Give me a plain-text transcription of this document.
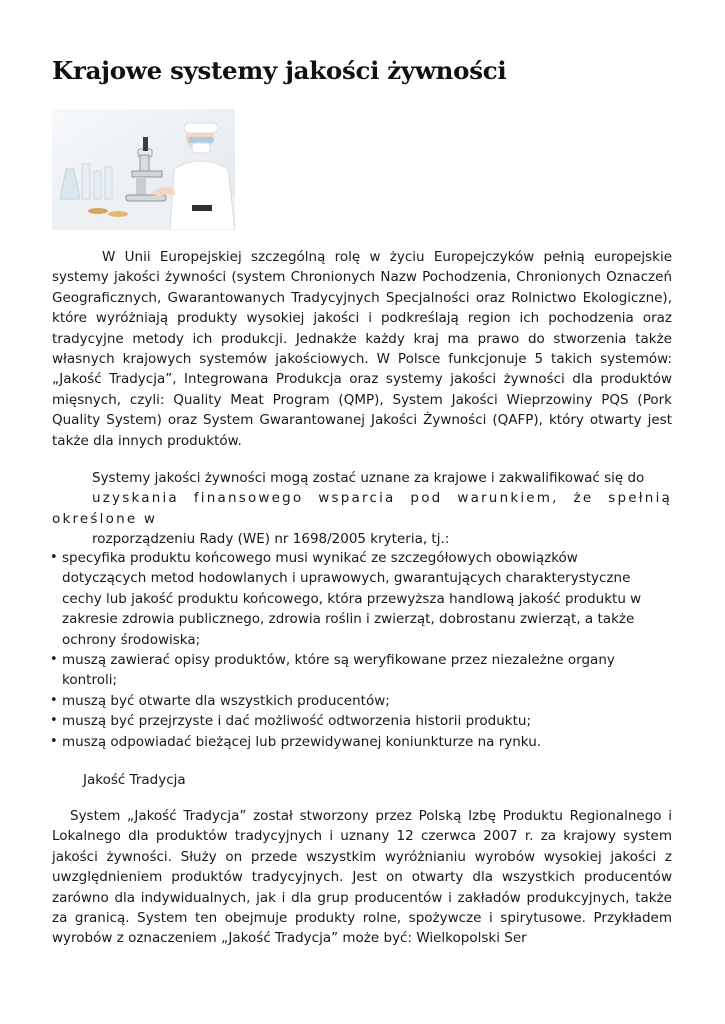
Krajowe systemy jakości żywności
W Unii Europejskiej szczególną rolę w życiu Europejczyków pełnią europejskie systemy jakości żywności (system Chronionych Nazw Pochodzenia, Chronionych Oznaczeń Geograficznych, Gwarantowanych Tradycyjnych Specjalności oraz Rolnictwo Ekologiczne), które wyróżniają produkty wysokiej jakości i podkreślają region ich pochodzenia oraz tradycyjne metody ich produkcji. Jednakże każdy kraj ma prawo do stworzenia także własnych krajowych systemów jakościowych. W Polsce funkcjonuje 5 takich systemów: „Jakość Tradycja”, Integrowana Produkcja oraz systemy jakości żywności dla produktów mięsnych, czyli: Quality Meat Program (QMP), System Jakości Wieprzowiny PQS (Pork Quality System) oraz System Gwarantowanej Jakości Żywności (QAFP), który otwarty jest także dla innych produktów.
Systemy jakości żywności mogą zostać uznane za krajowe i zakwalifikować się do
uzyskania finansowego wsparcia pod warunkiem, że spełnią określone w
rozporządzeniu Rady (WE) nr 1698/2005 kryteria, tj.:
• specyfika produktu końcowego musi wynikać ze szczegółowych obowiązków
dotyczących metod hodowlanych i uprawowych, gwarantujących charakterystyczne
cechy lub jakość produktu końcowego, która przewyższa handlową jakość produktu w
zakresie zdrowia publicznego, zdrowia roślin i zwierząt, dobrostanu zwierząt, a także
ochrony środowiska;
• muszą zawierać opisy produktów, które są weryfikowane przez niezależne organy
kontroli;
• muszą być otwarte dla wszystkich producentów;
• muszą być przejrzyste i dać możliwość odtworzenia historii produktu;
• muszą odpowiadać bieżącej lub przewidywanej koniunkturze na rynku.
Jakość Tradycja
System „Jakość Tradycja” został stworzony przez Polską Izbę Produktu Regionalnego i Lokalnego dla produktów tradycyjnych i uznany 12 czerwca 2007 r. za krajowy system jakości żywności. Służy on przede wszystkim wyróżnianiu wyrobów wysokiej jakości z uwzględnieniem produktów tradycyjnych. Jest on otwarty dla wszystkich producentów zarówno dla indywidualnych, jak i dla grup producentów i zakładów produkcyjnych, także za granicą. System ten obejmuje produkty rolne, spożywcze i spirytusowe. Przykładem wyrobów z oznaczeniem „Jakość Tradycja” może być: Wielkopolski Ser
